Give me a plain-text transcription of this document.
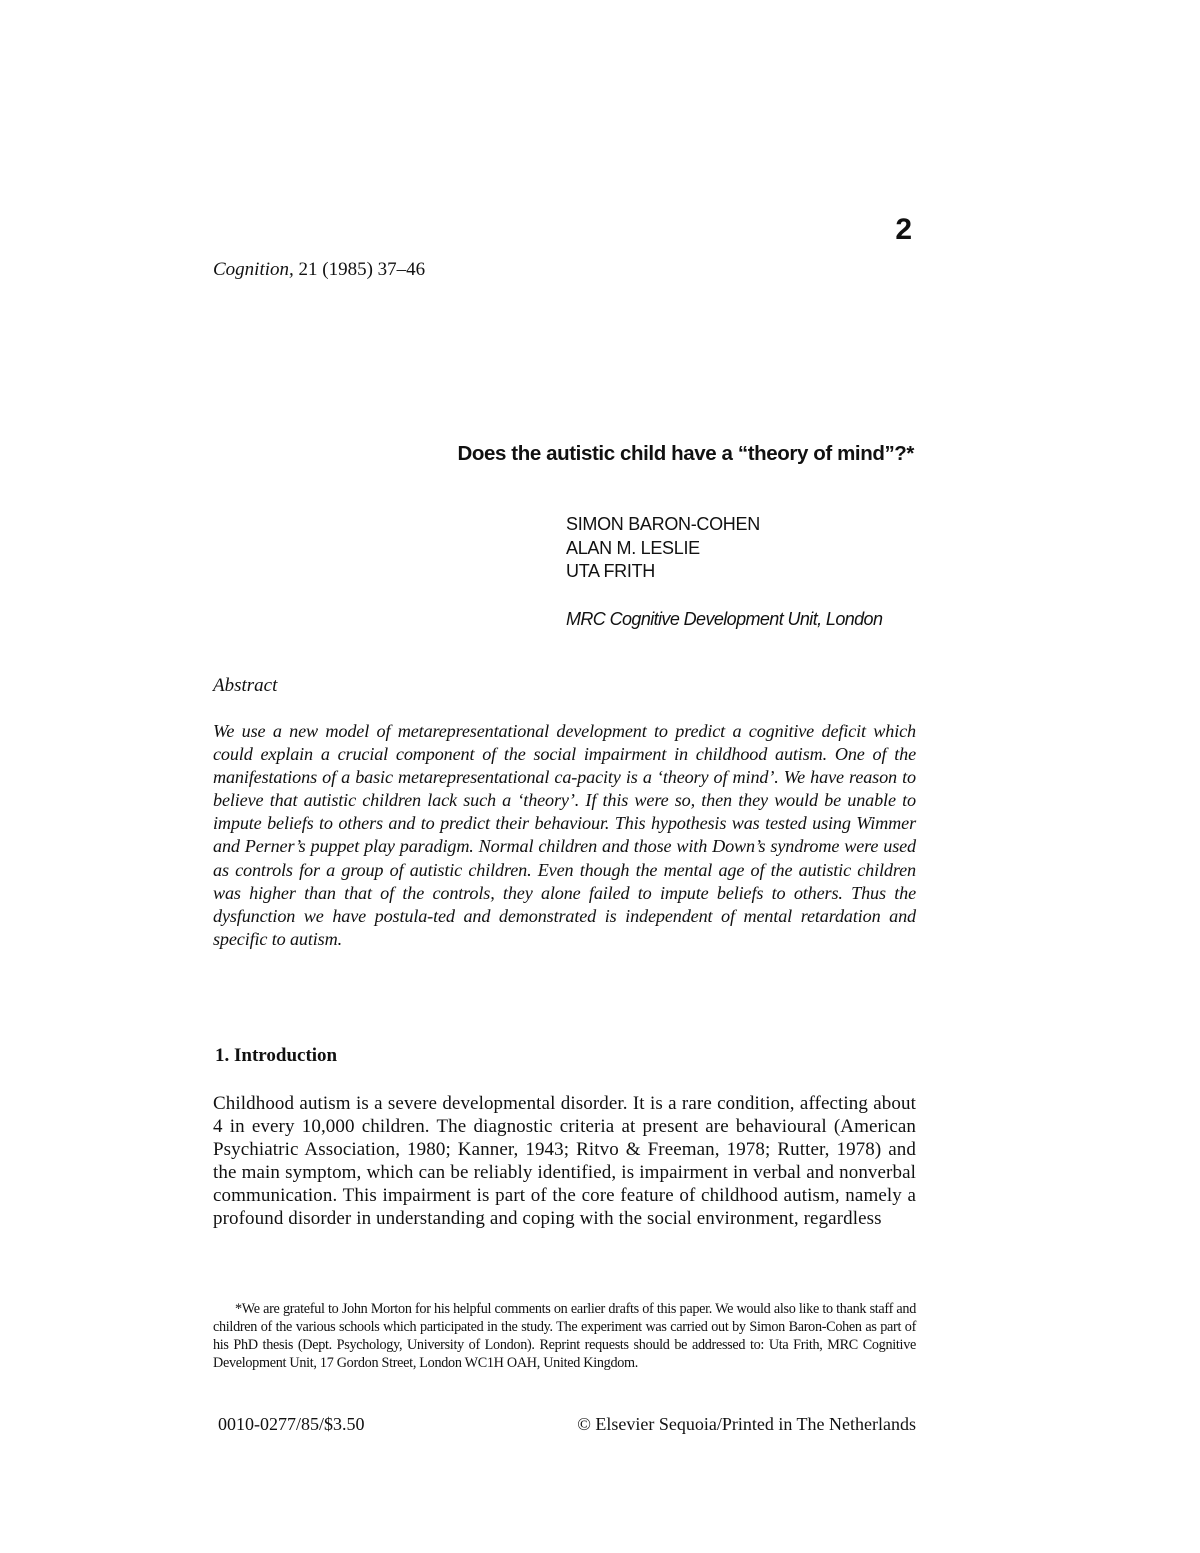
2
Cognition, 21 (1985) 37–46
Does the autistic child have a “theory of mind”?*
SIMON BARON-COHEN
ALAN M. LESLIE
UTA FRITH
MRC Cognitive Development Unit, London
Abstract
We use a new model of metarepresentational development to predict a cognitive deficit which could explain a crucial component of the social impairment in childhood autism. One of the manifestations of a basic metarepresentational ca-pacity is a ‘theory of mind’. We have reason to believe that autistic children lack such a ‘theory’. If this were so, then they would be unable to impute beliefs to others and to predict their behaviour. This hypothesis was tested using Wimmer and Perner’s puppet play paradigm. Normal children and those with Down’s syndrome were used as controls for a group of autistic children. Even though the mental age of the autistic children was higher than that of the controls, they alone failed to impute beliefs to others. Thus the dysfunction we have postula-ted and demonstrated is independent of mental retardation and specific to autism.
1. Introduction
Childhood autism is a severe developmental disorder. It is a rare condition, affecting about 4 in every 10,000 children. The diagnostic criteria at present are behavioural (American Psychiatric Association, 1980; Kanner, 1943; Ritvo & Freeman, 1978; Rutter, 1978) and the main symptom, which can be reliably identified, is impairment in verbal and nonverbal communication. This impairment is part of the core feature of childhood autism, namely a profound disorder in understanding and coping with the social environment, regardless
*We are grateful to John Morton for his helpful comments on earlier drafts of this paper. We would also like to thank staff and children of the various schools which participated in the study. The experiment was carried out by Simon Baron-Cohen as part of his PhD thesis (Dept. Psychology, University of London). Reprint requests should be addressed to: Uta Frith, MRC Cognitive Development Unit, 17 Gordon Street, London WC1H OAH, United Kingdom.
0010-0277/85/$3.50	© Elsevier Sequoia/Printed in The Netherlands
